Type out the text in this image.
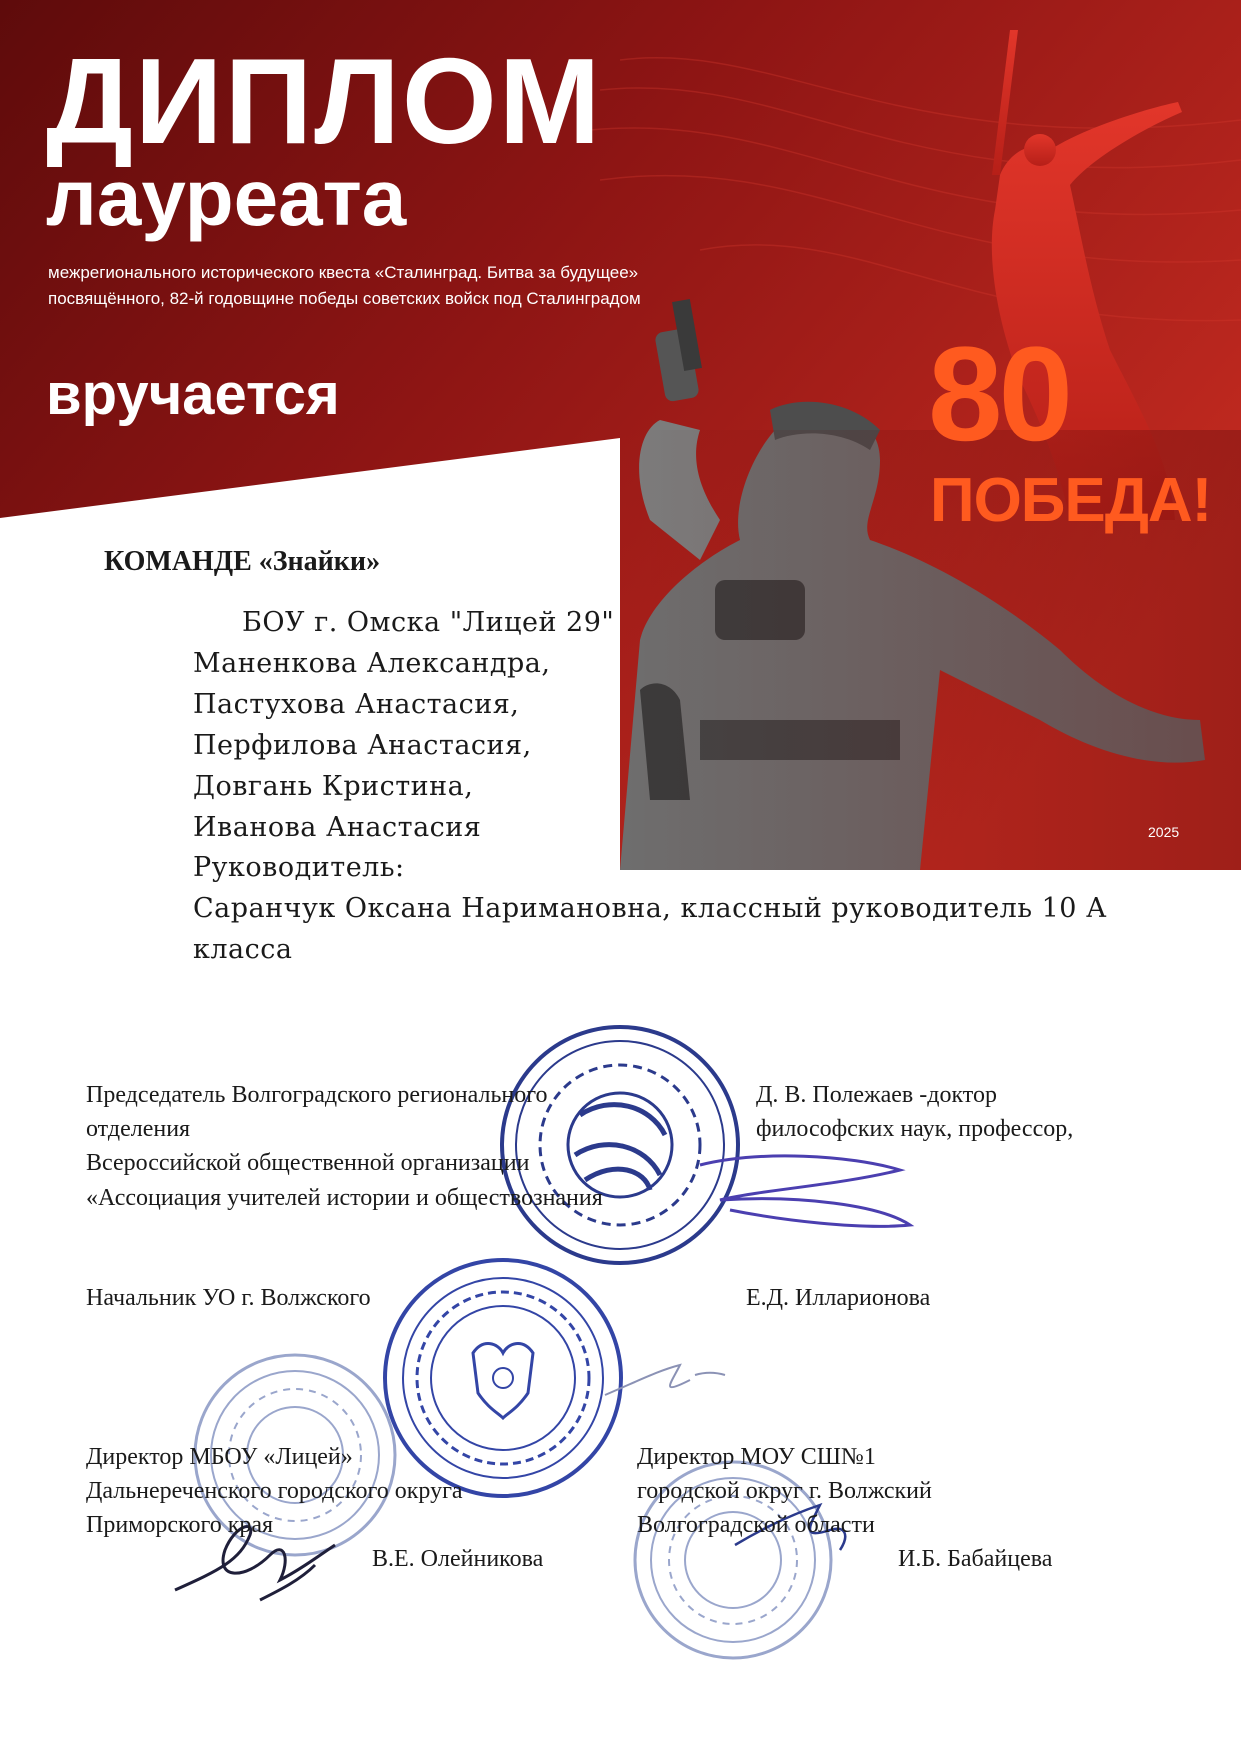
ДИПЛОМ
лауреата
межрегионального исторического квеста «Сталинград. Битва за будущее»
посвящённого, 82-й годовщине победы советских войск под Сталинградом
вручается	80
ПОБЕДА!
2025
КОМАНДЕ «Знайки»
БОУ г. Омска "Лицей 29"
Маненкова Александра,
Пастухова Анастасия,
Перфилова Анастасия,
Довгань Кристина,
Иванова Анастасия
Руководитель:
Саранчук Оксана Наримановна, классный руководитель 10 А
класса
Председатель Волгоградского регионального
отделения
Всероссийской общественной организации
«Ассоциация учителей истории и обществознания
Д. В. Полежаев -доктор
философских наук, профессор,
Начальник УО г. Волжского	Е.Д. Илларионова
Директор МБОУ «Лицей»
Дальнереченского городского округа
Приморского края
В.Е. Олейникова
Директор МОУ СШ№1
городской округ г. Волжский
Волгоградской области
И.Б. Бабайцева
